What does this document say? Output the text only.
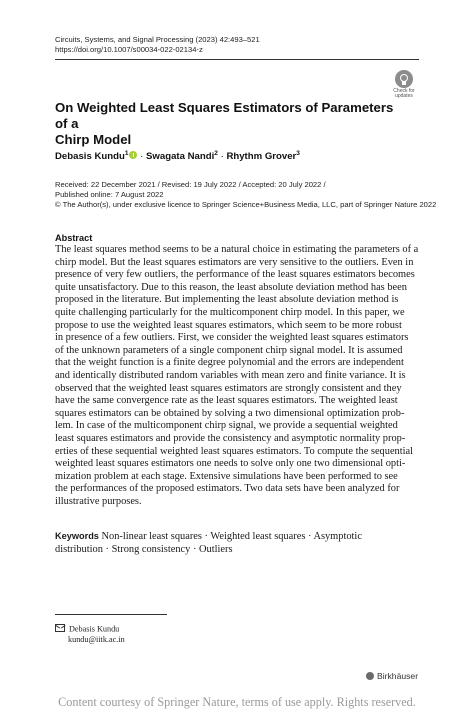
Circuits, Systems, and Signal Processing (2023) 42:493–521
https://doi.org/10.1007/s00034-022-02134-z
Check for
updates
On Weighted Least Squares Estimators of Parameters of a
Chirp Model
Debasis Kundu$^1$ · Swagata Nandi$^2$ · Rhythm Grover$^3$
Received: 22 December 2021 / Revised: 19 July 2022 / Accepted: 20 July 2022 /
Published online: 7 August 2022
© The Author(s), under exclusive licence to Springer Science+Business Media, LLC, part of Springer Nature 2022
Abstract
The least squares method seems to be a natural choice in estimating the parameters of a
chirp model. But the least squares estimators are very sensitive to the outliers. Even in
presence of very few outliers, the performance of the least squares estimators becomes
quite unsatisfactory. Due to this reason, the least absolute deviation method has been
proposed in the literature. But implementing the least absolute deviation method is
quite challenging particularly for the multicomponent chirp model. In this paper, we
propose to use the weighted least squares estimators, which seem to be more robust
in presence of a few outliers. First, we consider the weighted least squares estimators
of the unknown parameters of a single component chirp signal model. It is assumed
that the weight function is a finite degree polynomial and the errors are independent
and identically distributed random variables with mean zero and finite variance. It is
observed that the weighted least squares estimators are strongly consistent and they
have the same convergence rate as the least squares estimators. The weighted least
squares estimators can be obtained by solving a two dimensional optimization prob-
lem. In case of the multicomponent chirp signal, we provide a sequential weighted
least squares estimators and provide the consistency and asymptotic normality prop-
erties of these sequential weighted least squares estimators. To compute the sequential
weighted least squares estimators one needs to solve only one two dimensional opti-
mization problem at each stage. Extensive simulations have been performed to see
the performances of the proposed estimators. Two data sets have been analyzed for
illustrative purposes.
Keywords Non-linear least squares · Weighted least squares · Asymptotic
distribution · Strong consistency · Outliers
Debasis Kundu
kundu@iitk.ac.in
Birkhäuser
Content courtesy of Springer Nature, terms of use apply. Rights reserved.
